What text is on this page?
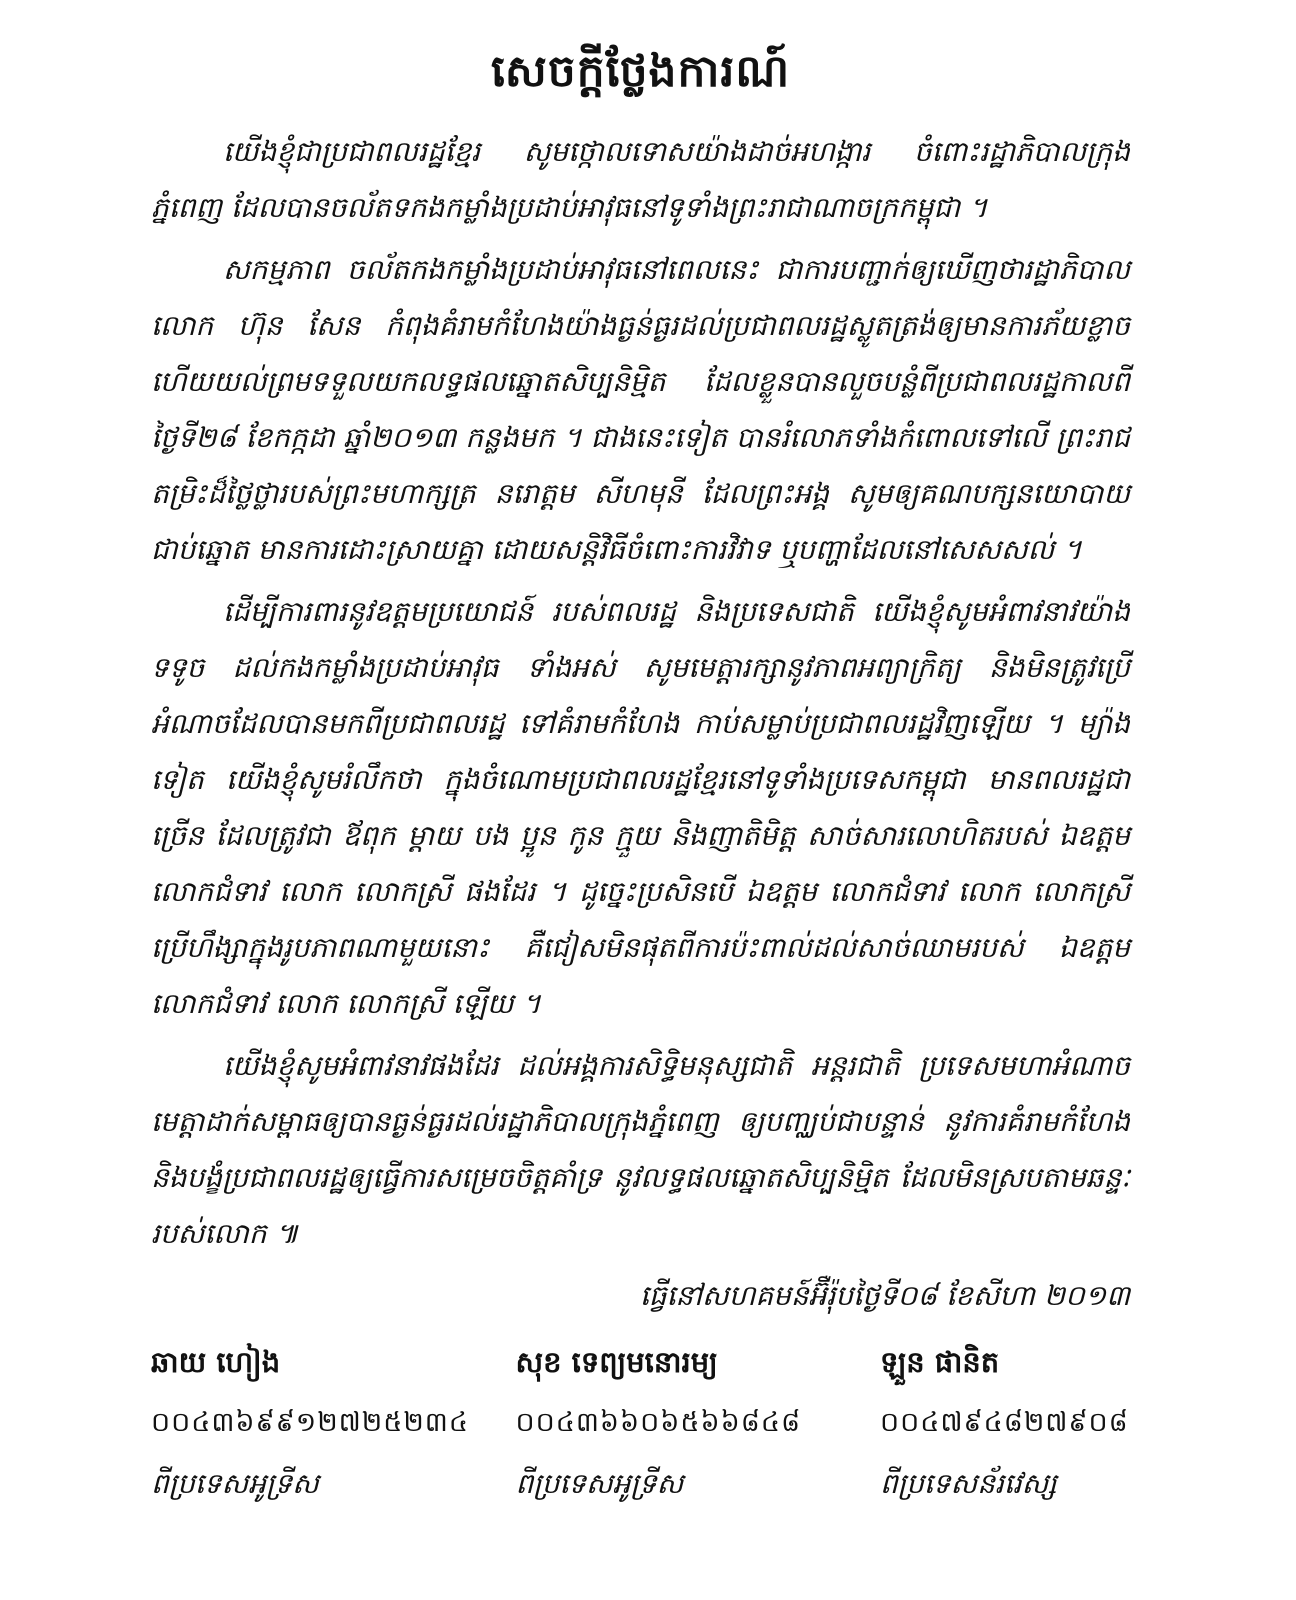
សេចក្តីថ្លែងការណ៍

យើងខ្ញុំជាប្រជាពលរដ្ឋខ្មែរ សូមថ្កោលទោសយ៉ាងដាច់អហង្ការ ចំពោះរដ្ឋាភិបាលក្រុងភ្នំពេញ ដែលបានចល័តទកងកម្លាំងប្រដាប់អាវុធនៅទូទាំងព្រះរាជាណាចក្រកម្ពុជា ។

សកម្មភាព ចល័តកងកម្លាំងប្រដាប់អាវុធនៅពេលនេះ ជាការបញ្ជាក់ឲ្យឃើញថារដ្ឋាភិបាលលោក ហ៊ុន សែន កំពុងគំរាមកំហែងយ៉ាងធ្ងន់ធ្ងរដល់ប្រជាពលរដ្ឋស្លូតត្រង់ឲ្យមានការភ័យខ្លាច ហើយយល់ព្រមទទួលយកលទ្ធផលឆ្នោតសិប្បនិម្មិត ដែលខ្លួនបានលួចបន្លំពីប្រជាពលរដ្ឋកាលពីថ្ងៃទី២៨ ខែកក្កដា ឆ្នាំ២០១៣ កន្លងមក ។ ជាងនេះទៀត បានរំលោភទាំងកំពោលទៅលើ ព្រះរាជតម្រិះដ៏ថ្លៃថ្លារបស់ព្រះមហាក្សត្រ នរោត្តម សីហមុនី ដែលព្រះអង្គ សូមឲ្យគណបក្សនយោបាយជាប់ឆ្នោត មានការដោះស្រាយគ្នា ដោយសន្តិវិធីចំពោះការវិវាទ ឬបញ្ហាដែលនៅសេសសល់ ។

ដើម្បីការពារនូវឧត្តមប្រយោជន៍ របស់ពលរដ្ឋ និងប្រទេសជាតិ យើងខ្ញុំសូមអំពាវនាវយ៉ាងទទូច ដល់កងកម្លាំងប្រដាប់អាវុធ ទាំងអស់ សូមមេត្តារក្សានូវភាពអព្យាក្រិត្យ និងមិនត្រូវប្រើអំណាចដែលបានមកពីប្រជាពលរដ្ឋ ទៅគំរាមកំហែង កាប់សម្លាប់ប្រជាពលរដ្ឋវិញឡើយ ។ ម្យ៉ាងទៀត យើងខ្ញុំសូមរំលឹកថា ក្នុងចំណោមប្រជាពលរដ្ឋខ្មែរនៅទូទាំងប្រទេសកម្ពុជា មានពលរដ្ឋជាច្រើន ដែលត្រូវជា ឪពុក ម្តាយ បង ប្អូន កូន ក្មួយ និងញាតិមិត្ត សាច់សារលោហិតរបស់ ឯឧត្តម លោកជំទាវ លោក លោកស្រី ផងដែរ ។ ដូច្នេះប្រសិនបើ ឯឧត្តម លោកជំទាវ លោក លោកស្រី ប្រើហឹង្សាក្នុងរូបភាពណាមួយនោះ គឺជៀសមិនផុតពីការប៉ះពាល់ដល់សាច់ឈាមរបស់ ឯឧត្តម លោកជំទាវ លោក លោកស្រី ឡើយ ។

យើងខ្ញុំសូមអំពាវនាវផងដែរ ដល់អង្គការសិទ្ធិមនុស្សជាតិ អន្តរជាតិ ប្រទេសមហាអំណាច មេត្តាដាក់សម្ពាធឲ្យបានធ្ងន់ធ្ងរដល់រដ្ឋាភិបាលក្រុងភ្នំពេញ ឲ្យបញ្ឈប់ជាបន្ទាន់ នូវការគំរាមកំហែង និងបង្ខំប្រជាពលរដ្ឋឲ្យធ្វើការសម្រេចចិត្តគាំទ្រ នូវលទ្ធផលឆ្នោតសិប្បនិម្មិត ដែលមិនស្របតាមឆន្ទៈរបស់លោក ៕

ធ្វើនៅសហគមន៍អ៊ឺរ៉ុបថ្ងៃទី០៨ ខែសីហា ២០១៣
ឆាយ ហៀង
០០៤៣៦៩៩១២៧២៥២៣៤
ពីប្រទេសអូទ្រីស
សុខ ទេព្យមនោរម្យ
០០៤៣៦៦០៦៥៦៦៨៤៨
ពីប្រទេសអូទ្រីស
ឡួន ផានិត
០០៤៧៩៤៨២៧៩០៨
ពីប្រទេសន័រវេស្ស
